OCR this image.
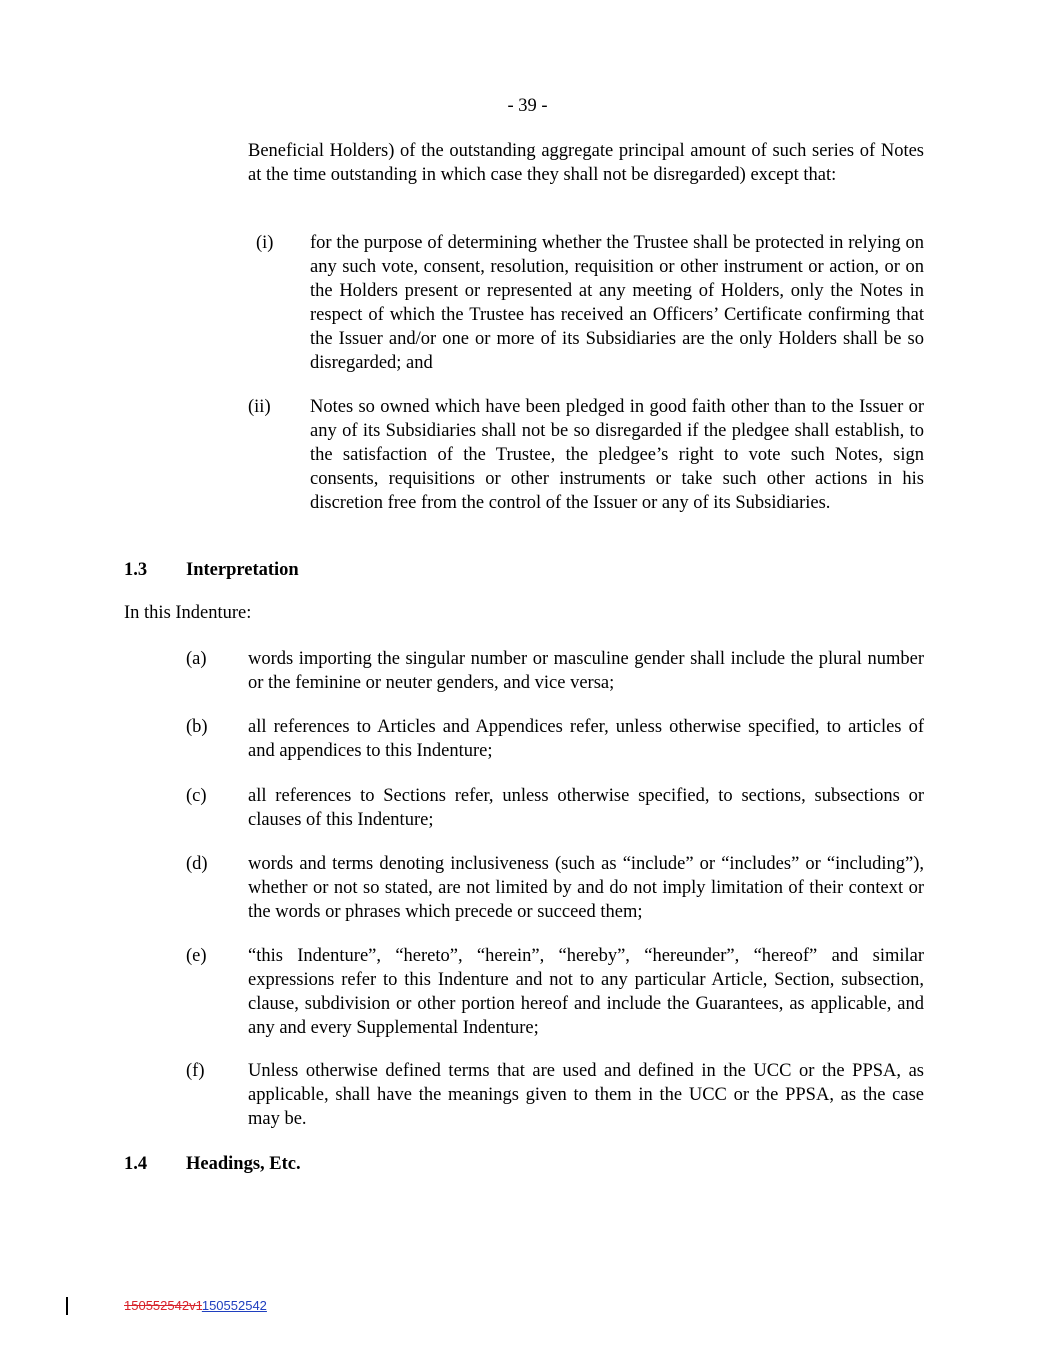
- 39 -

Beneficial Holders) of the outstanding aggregate principal amount of such series of Notes at the time outstanding in which case they shall not be disregarded) except that:

(i) for the purpose of determining whether the Trustee shall be protected in relying on any such vote, consent, resolution, requisition or other instrument or action, or on the Holders present or represented at any meeting of Holders, only the Notes in respect of which the Trustee has received an Officers’ Certificate confirming that the Issuer and/or one or more of its Subsidiaries are the only Holders shall be so disregarded; and

(ii) Notes so owned which have been pledged in good faith other than to the Issuer or any of its Subsidiaries shall not be so disregarded if the pledgee shall establish, to the satisfaction of the Trustee, the pledgee’s right to vote such Notes, sign consents, requisitions or other instruments or take such other actions in his discretion free from the control of the Issuer or any of its Subsidiaries.

1.3 Interpretation
In this Indenture:
(a) words importing the singular number or masculine gender shall include the plural number or the feminine or neuter genders, and vice versa;

(b) all references to Articles and Appendices refer, unless otherwise specified, to articles of and appendices to this Indenture;

(c) all references to Sections refer, unless otherwise specified, to sections, subsections or clauses of this Indenture;

(d) words and terms denoting inclusiveness (such as “include” or “includes” or “including”), whether or not so stated, are not limited by and do not imply limitation of their context or the words or phrases which precede or succeed them;

(e) “this Indenture”, “hereto”, “herein”, “hereby”, “hereunder”, “hereof” and similar expressions refer to this Indenture and not to any particular Article, Section, subsection, clause, subdivision or other portion hereof and include the Guarantees, as applicable, and any and every Supplemental Indenture;

(f) Unless otherwise defined terms that are used and defined in the UCC or the PPSA, as applicable, shall have the meanings given to them in the UCC or the PPSA, as the case may be.

1.4 Headings, Etc.
150552542v1150552542
